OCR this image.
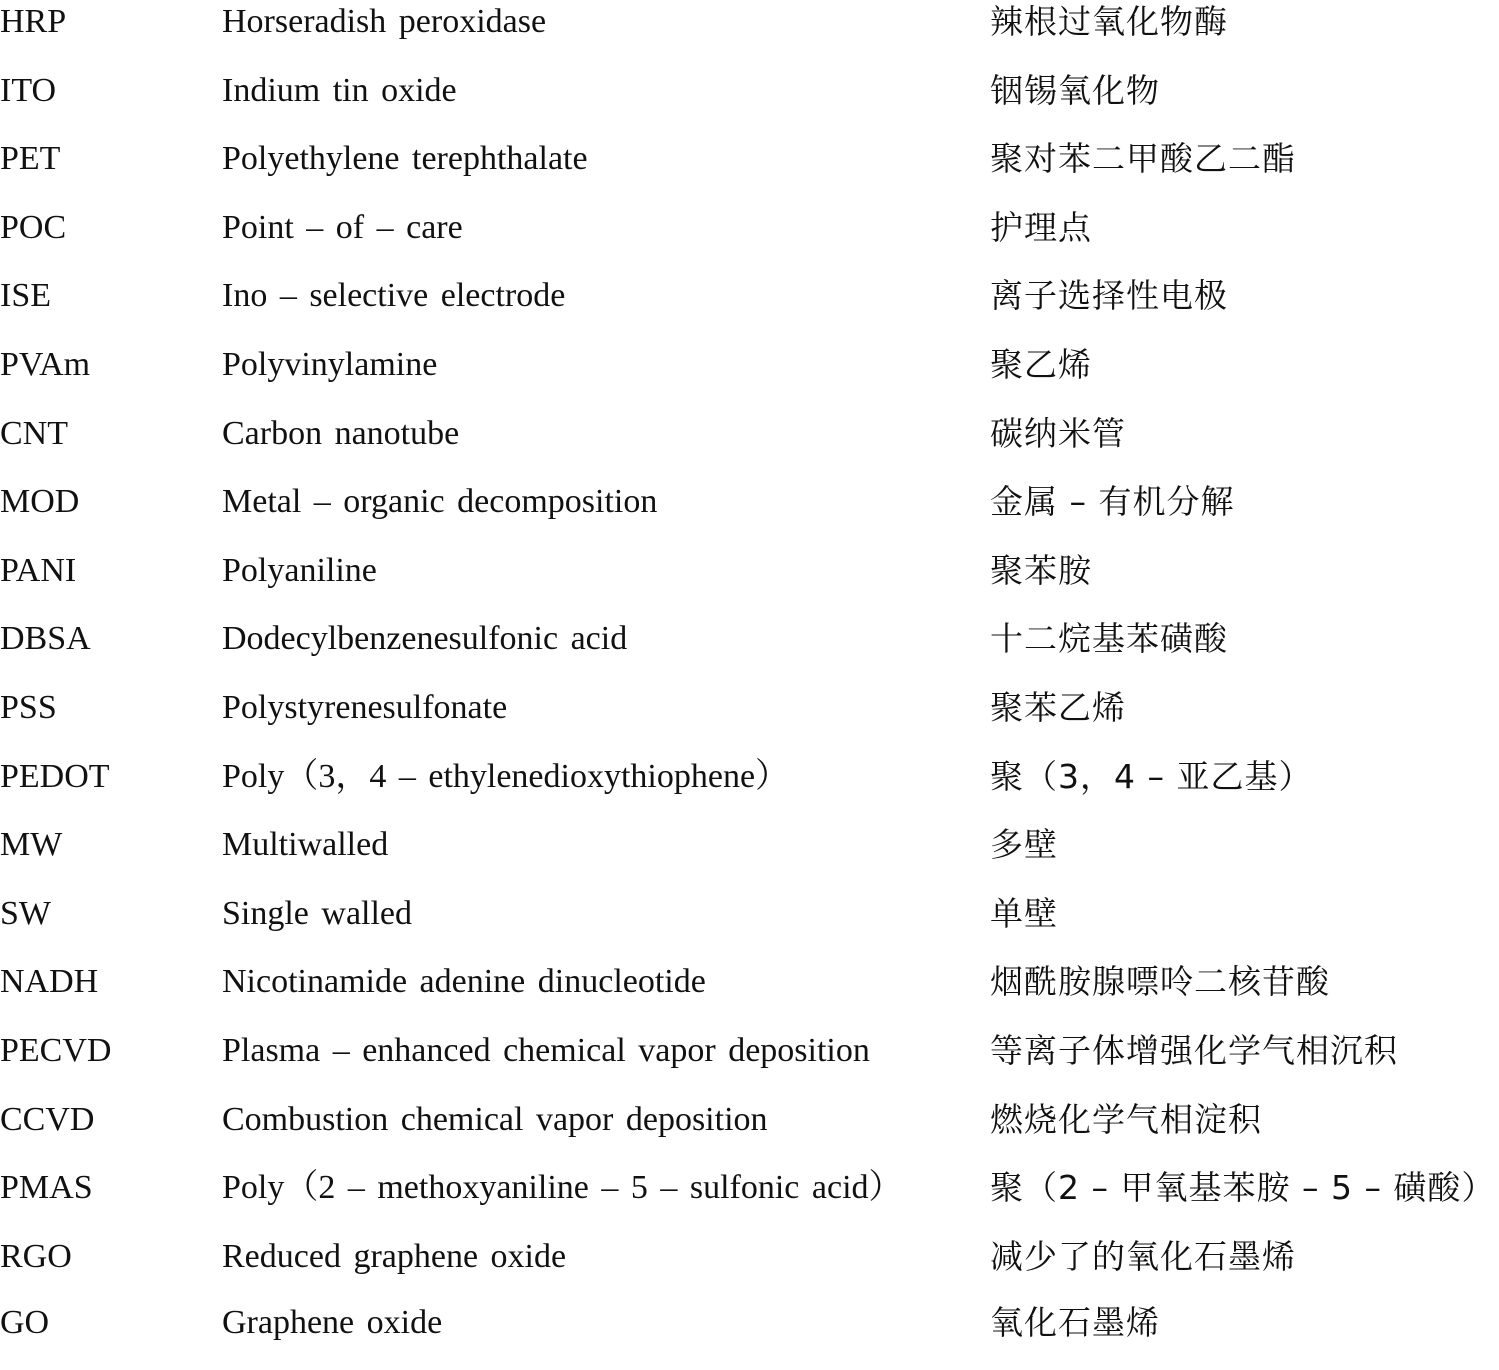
HRP	Horseradish peroxidase	辣根过氧化物酶
ITO	Indium tin oxide	铟锡氧化物
PET	Polyethylene terephthalate	聚对苯二甲酸乙二酯
POC	Point – of – care	护理点
ISE	Ino – selective electrode	离子选择性电极
PVAm	Polyvinylamine	聚乙烯
CNT	Carbon nanotube	碳纳米管
MOD	Metal – organic decomposition	金属 – 有机分解
PANI	Polyaniline	聚苯胺
DBSA	Dodecylbenzenesulfonic acid	十二烷基苯磺酸
PSS	Polystyrenesulfonate	聚苯乙烯
PEDOT	Poly（3，4 – ethylenedioxythiophene）	聚（3，4 – 亚乙基）
MW	Multiwalled	多壁
SW	Single walled	单壁
NADH	Nicotinamide adenine dinucleotide	烟酰胺腺嘌呤二核苷酸
PECVD	Plasma – enhanced chemical vapor deposition	等离子体增强化学气相沉积
CCVD	Combustion chemical vapor deposition	燃烧化学气相淀积
PMAS	Poly（2 – methoxyaniline – 5 – sulfonic acid）	聚（2 – 甲氧基苯胺 – 5 – 磺酸）
RGO	Reduced graphene oxide	减少了的氧化石墨烯
GO	Graphene oxide	氧化石墨烯
